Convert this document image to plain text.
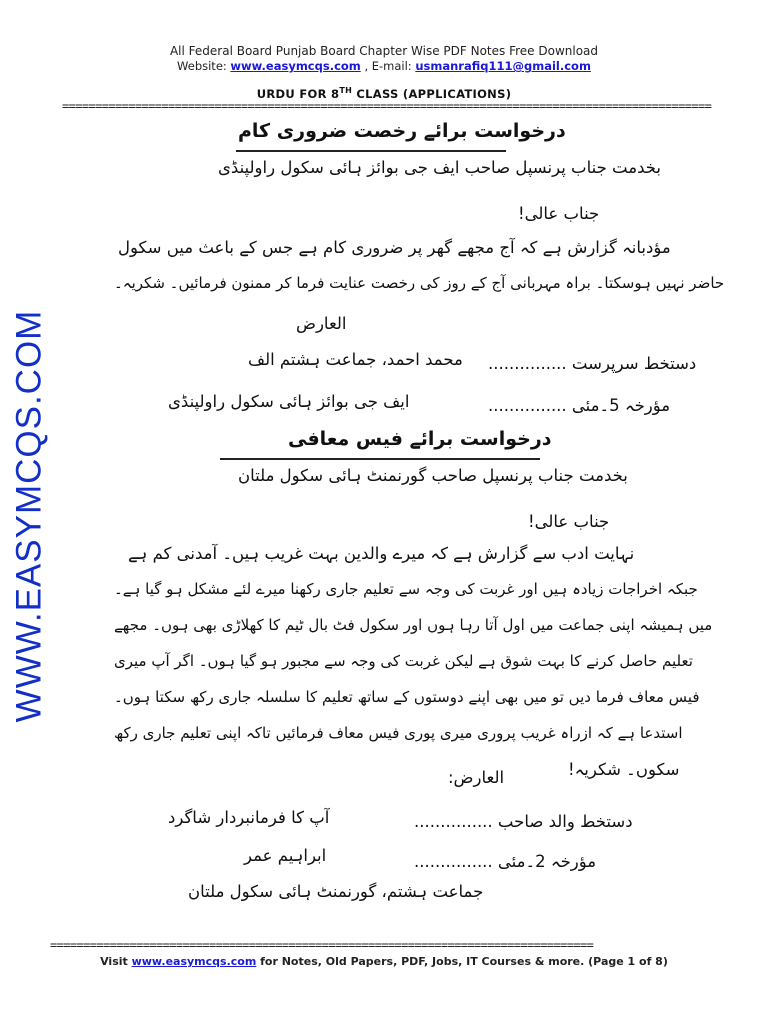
All Federal Board Punjab Board Chapter Wise PDF Notes Free Download
Website: www.easymcqs.com , E-mail: usmanrafiq111@gmail.com
URDU FOR 8TH CLASS (APPLICATIONS)
==================================================================================================
WWW.EASYMCQS.COM
درخواست برائے رخصت ضروری کام
بخدمت جناب پرنسپل صاحب ایف جی بوائز ہائی سکول راولپنڈی
جناب عالی!
مؤدبانہ گزارش ہے کہ آج مجھے گھر پر ضروری کام ہے جس کے باعث میں سکول
حاضر نہیں ہوسکتا۔ براہ مہربانی آج کے روز کی رخصت عنایت فرما کر ممنون فرمائیں۔ شکریہ۔
العارض
محمد احمد، جماعت ہشتم الف دستخط سرپرست ...............
ایف جی بوائز ہائی سکول راولپنڈی	مؤرخہ 5۔مئی ...............
درخواست برائے فیس معافی
بخدمت جناب پرنسپل صاحب گورنمنٹ ہائی سکول ملتان
جناب عالی!
نہایت ادب سے گزارش ہے کہ میرے والدین بہت غریب ہیں۔ آمدنی کم ہے
جبکہ اخراجات زیادہ ہیں اور غربت کی وجہ سے تعلیم جاری رکھنا میرے لئے مشکل ہو گیا ہے۔
میں ہمیشہ اپنی جماعت میں اول آتا رہا ہوں اور سکول فٹ بال ٹیم کا کھلاڑی بھی ہوں۔ مجھے
تعلیم حاصل کرنے کا بہت شوق ہے لیکن غربت کی وجہ سے مجبور ہو گیا ہوں۔ اگر آپ میری
فیس معاف فرما دیں تو میں بھی اپنے دوستوں کے ساتھ تعلیم کا سلسلہ جاری رکھ سکتا ہوں۔
استدعا ہے کہ ازراہ غریب پروری میری پوری فیس معاف فرمائیں تاکہ اپنی تعلیم جاری رکھ
سکوں۔ شکریہ!
العارض:
آپ کا فرمانبردار شاگرد	دستخط والد صاحب ...............
ابراہیم عمر	مؤرخہ 2۔مئی ...............
جماعت ہشتم، گورنمنٹ ہائی سکول ملتان
==================================================================================
Visit www.easymcqs.com for Notes, Old Papers, PDF, Jobs, IT Courses & more. (Page 1 of 8)
